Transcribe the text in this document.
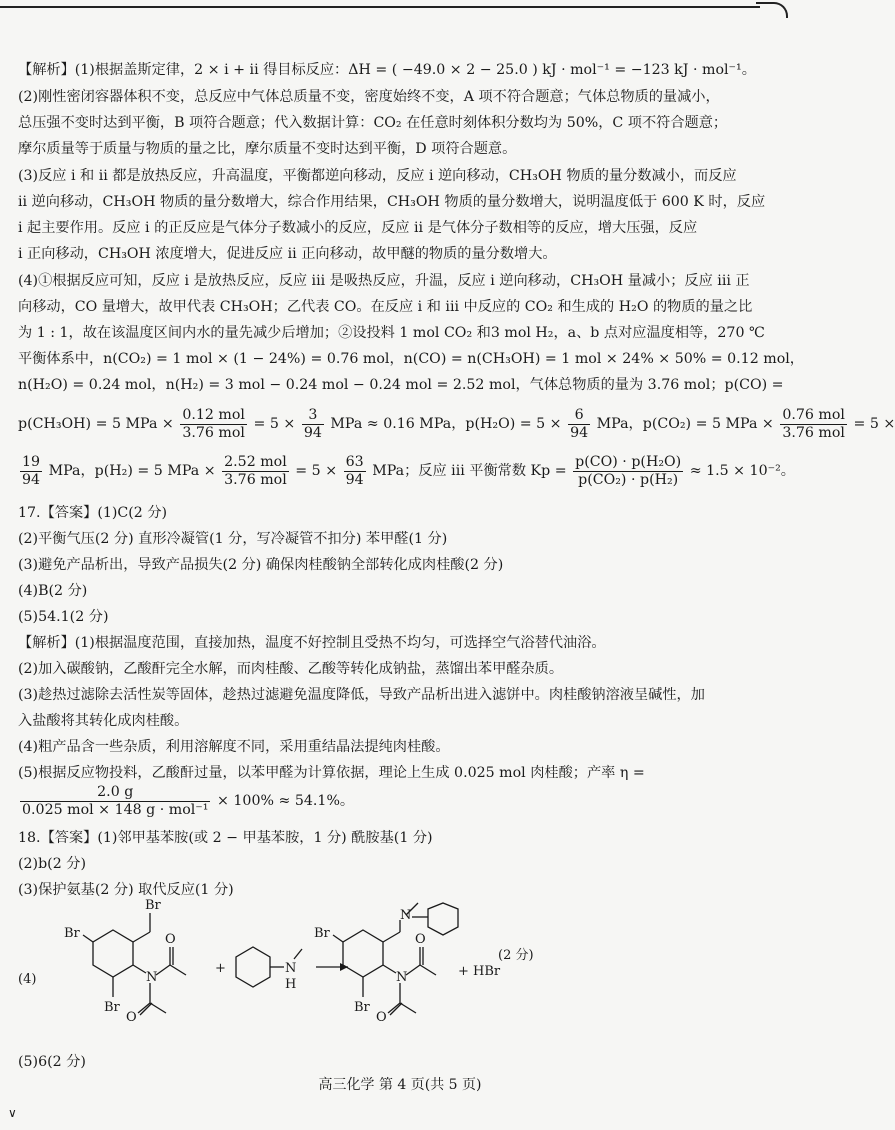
【解析】(1)根据盖斯定律，2 × i + ii 得目标反应：ΔH = ( −49.0 × 2 − 25.0 ) kJ · mol⁻¹ = −123 kJ · mol⁻¹。
(2)刚性密闭容器体积不变，总反应中气体总质量不变，密度始终不变，A 项不符合题意；气体总物质的量减小，
总压强不变时达到平衡，B 项符合题意；代入数据计算：CO₂ 在任意时刻体积分数均为 50%，C 项不符合题意；
摩尔质量等于质量与物质的量之比，摩尔质量不变时达到平衡，D 项符合题意。
(3)反应 i 和 ii 都是放热反应，升高温度，平衡都逆向移动，反应 i 逆向移动，CH₃OH 物质的量分数减小，而反应
ii 逆向移动，CH₃OH 物质的量分数增大，综合作用结果，CH₃OH 物质的量分数增大，说明温度低于 600 K 时，反应
i 起主要作用。反应 i 的正反应是气体分子数减小的反应，反应 ii 是气体分子数相等的反应，增大压强，反应
i 正向移动，CH₃OH 浓度增大，促进反应 ii 正向移动，故甲醚的物质的量分数增大。
(4)①根据反应可知，反应 i 是放热反应，反应 iii 是吸热反应，升温，反应 i 逆向移动，CH₃OH 量减小；反应 iii 正
向移动，CO 量增大，故甲代表 CH₃OH；乙代表 CO。在反应 i 和 iii 中反应的 CO₂ 和生成的 H₂O 的物质的量之比
为 1 : 1，故在该温度区间内水的量先减少后增加；②设投料 1 mol CO₂ 和3 mol H₂，a、b 点对应温度相等，270 ℃
平衡体系中，n(CO₂) = 1 mol × (1 − 24%) = 0.76 mol，n(CO) = n(CH₃OH) = 1 mol × 24% × 50% = 0.12 mol，
n(H₂O) = 0.24 mol，n(H₂) = 3 mol − 0.24 mol − 0.24 mol = 2.52 mol，气体总物质的量为 3.76 mol；p(CO) =
p(CH₃OH) = 5 MPa × $\frac{\text{0.12 mol}}{\text{3.76 mol}} = 5 \times \frac{3}{94}$ MPa ≈ 0.16 MPa，$p(H_2O) = 5 \times \frac{6}{94}$ MPa，p(CO₂) = 5 MPa × $\frac{\text{0.76 mol}}{\text{3.76 mol}} = 5$ ×
$\frac{19}{94}$ MPa，p(H₂) = 5 MPa × $\frac{\text{2.52 mol}}{\text{3.76 mol}} = 5 \times \frac{63}{94}$ MPa；反应 iii 平衡常数 $Kp = \frac{\text{p(CO) · p(H₂O)}}{\text{p(CO₂) · p(H₂)}} \approx 1.5 \times 10^{-2}$。
17.【答案】(1)C(2 分)
(2)平衡气压(2 分) 直形冷凝管(1 分，写冷凝管不扣分) 苯甲醛(1 分)
(3)避免产品析出，导致产品损失(2 分) 确保肉桂酸钠全部转化成肉桂酸(2 分)
(4)B(2 分)
(5)54.1(2 分)
【解析】(1)根据温度范围，直接加热，温度不好控制且受热不均匀，可选择空气浴替代油浴。
(2)加入碳酸钠，乙酸酐完全水解，而肉桂酸、乙酸等转化成钠盐，蒸馏出苯甲醛杂质。
(3)趁热过滤除去活性炭等固体，趁热过滤避免温度降低，导致产品析出进入滤饼中。肉桂酸钠溶液呈碱性，加
入盐酸将其转化成肉桂酸。
(4)粗产品含一些杂质，利用溶解度不同，采用重结晶法提纯肉桂酸。
(5)根据反应物投料，乙酸酐过量，以苯甲醛为计算依据，理论上生成 0.025 mol 肉桂酸；产率 η =
$\frac{2.0 g}{\text{0.025 mol × 148 g · mol⁻¹}} \times 100\% \approx 54.1\%$。
18.【答案】(1)邻甲基苯胺(或 2 − 甲基苯胺，1 分) 酰胺基(1 分)
(2)b(2 分)
(3)保护氨基(2 分) 取代反应(1 分)
(5)6(2 分)
(4)
Br
Br
Br
O
N
O
+	N
H
Br
Br
O
N
O
N
+ HBr
(2 分)
高三化学 第 4 页(共 5 页)
∨
